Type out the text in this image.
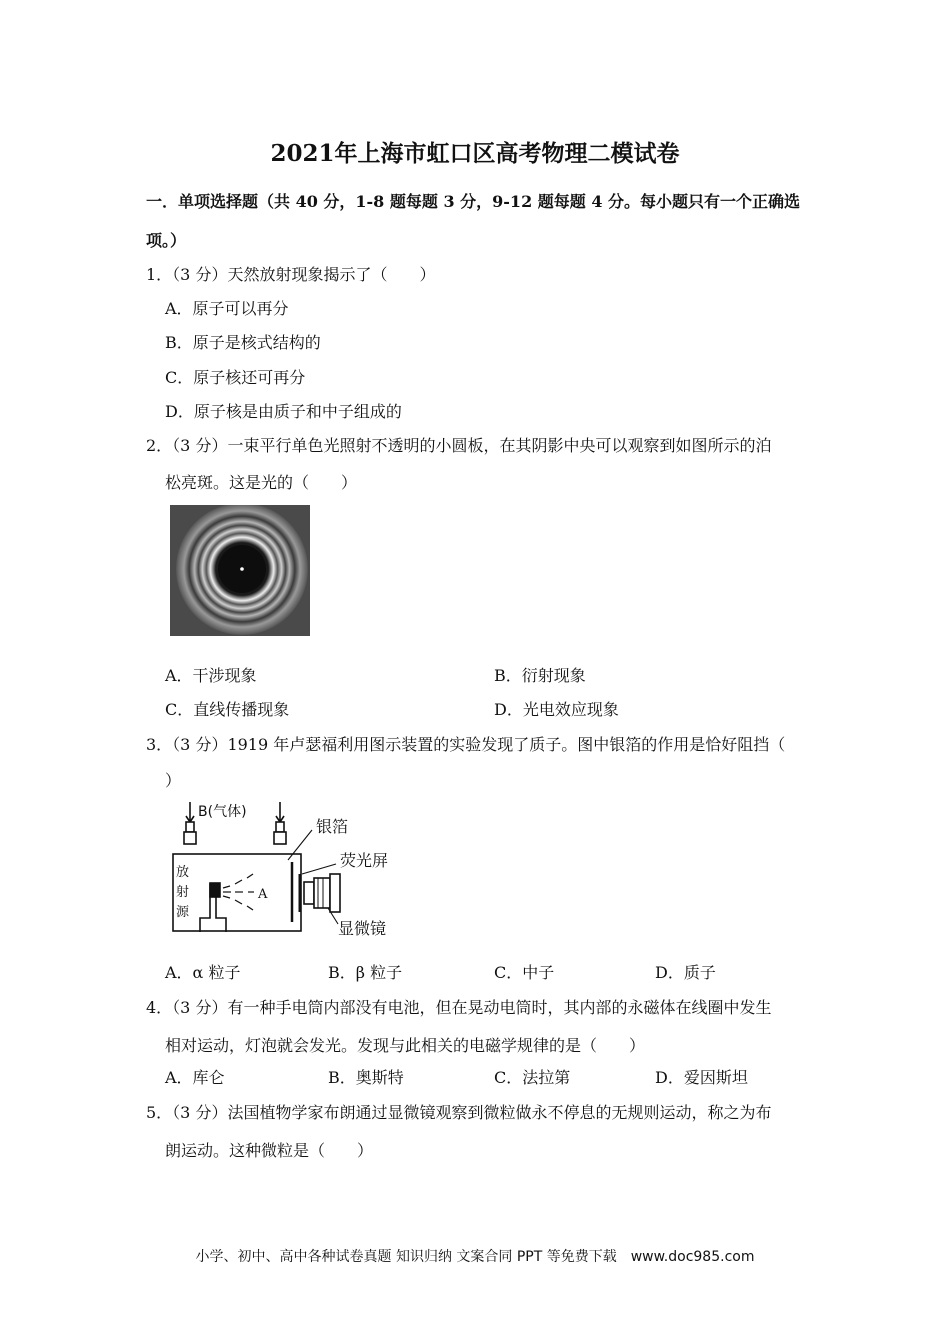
2021年上海市虹口区高考物理二模试卷
一．单项选择题（共 40 分，1-8 题每题 3 分，9-12 题每题 4 分。每小题只有一个正确选
项。）
1．（3 分）天然放射现象揭示了（　　）
A．原子可以再分
B．原子是核式结构的
C．原子核还可再分
D．原子核是由质子和中子组成的
2．（3 分）一束平行单色光照射不透明的小圆板，在其阴影中央可以观察到如图所示的泊
松亮斑。这是光的（　　）
A．干涉现象	B．衍射现象
C．直线传播现象	D．光电效应现象
3．（3 分）1919 年卢瑟福利用图示装置的实验发现了质子。图中银箔的作用是恰好阻挡（
）
B(气体)
放
射
源
A
银箔
荧光屏
显微镜
A．α 粒子	B．β 粒子	C．中子	D．质子
4．（3 分）有一种手电筒内部没有电池，但在晃动电筒时，其内部的永磁体在线圈中发生
相对运动，灯泡就会发光。发现与此相关的电磁学规律的是（　　）
A．库仑	B．奥斯特	C．法拉第	D．爱因斯坦
5．（3 分）法国植物学家布朗通过显微镜观察到微粒做永不停息的无规则运动，称之为布
朗运动。这种微粒是（　　）
小学、初中、高中各种试卷真题 知识归纳 文案合同 PPT 等免费下载　www.doc985.com
